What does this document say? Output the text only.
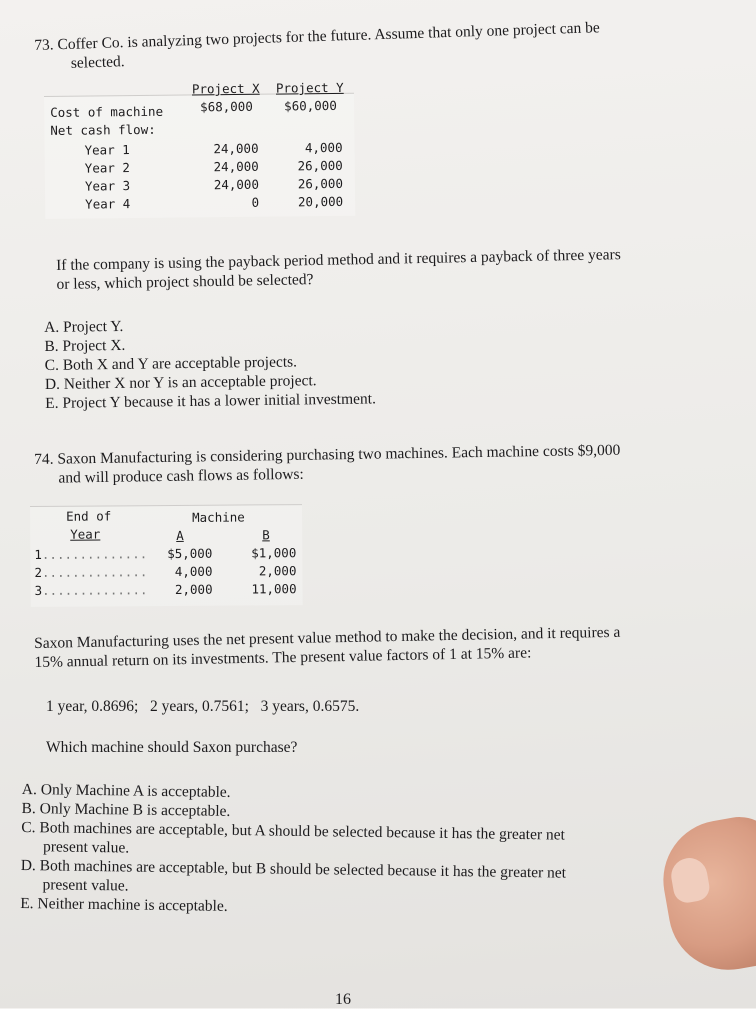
73. Coffer Co. is analyzing two projects for the future. Assume that only one project can be
selected.
Project X Project Y
Cost of machine	$68,000 $60,000
Net cash flow:
Year 1	24,000	4,000
Year 2	24,000	26,000
Year 3	24,000	26,000
Year 4	0	20,000
If the company is using the payback period method and it requires a payback of three years
or less, which project should be selected?
A. Project Y.
B. Project X.
C. Both X and Y are acceptable projects.
D. Neither X nor Y is an acceptable project.
E. Project Y because it has a lower initial investment.
74. Saxon Manufacturing is considering purchasing two machines. Each machine costs $9,000
and will produce cash flows as follows:
End of
Year
Machine
A	B
1..............	$5,000	$1,000
2..............	4,000	2,000
3..............	2,000	11,000
Saxon Manufacturing uses the net present value method to make the decision, and it requires a
15% annual return on its investments. The present value factors of 1 at 15% are:
1 year, 0.8696;   2 years, 0.7561;   3 years, 0.6575.
Which machine should Saxon purchase?
A. Only Machine A is acceptable.
B. Only Machine B is acceptable.
C. Both machines are acceptable, but A should be selected because it has the greater net
present value.
D. Both machines are acceptable, but B should be selected because it has the greater net
present value.
E. Neither machine is acceptable.
16
